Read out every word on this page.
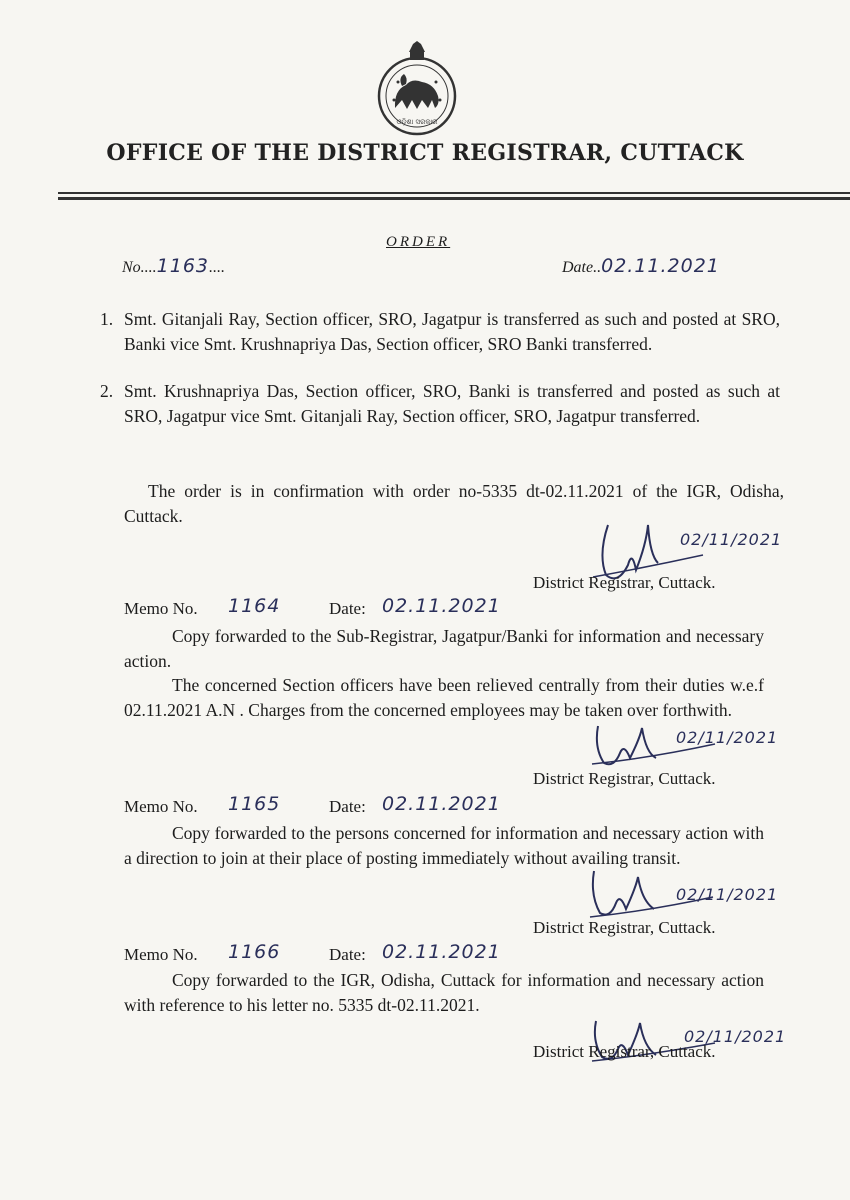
ଓଡ଼ିଶା ସରକାର
OFFICE OF THE DISTRICT REGISTRAR, CUTTACK
ORDER
No....1163....	Date..02.11.2021
1. Smt. Gitanjali Ray, Section officer, SRO, Jagatpur is transferred as such and posted at SRO, Banki vice Smt. Krushnapriya Das, Section officer, SRO Banki transferred.
2. Smt. Krushnapriya Das, Section officer, SRO, Banki is transferred and posted as such at SRO, Jagatpur vice Smt. Gitanjali Ray, Section officer, SRO, Jagatpur transferred.
The order is in confirmation with order no-5335 dt-02.11.2021 of the IGR, Odisha, Cuttack.
02/11/2021
District Registrar, Cuttack.
Memo No. 1164	Date: 02.11.2021
Copy forwarded to the Sub-Registrar, Jagatpur/Banki for information and necessary action.
The concerned Section officers have been relieved centrally from their duties w.e.f 02.11.2021 A.N . Charges from the concerned employees may be taken over forthwith.
02/11/2021
District Registrar, Cuttack.
Memo No. 1165	Date: 02.11.2021
Copy forwarded to the persons concerned for information and necessary action with a direction to join at their place of posting immediately without availing transit.
02/11/2021
District Registrar, Cuttack.
Memo No. 1166	Date: 02.11.2021
Copy forwarded to the IGR, Odisha, Cuttack for information and necessary action with reference to his letter no. 5335 dt-02.11.2021.
02/11/2021
District Registrar, Cuttack.
